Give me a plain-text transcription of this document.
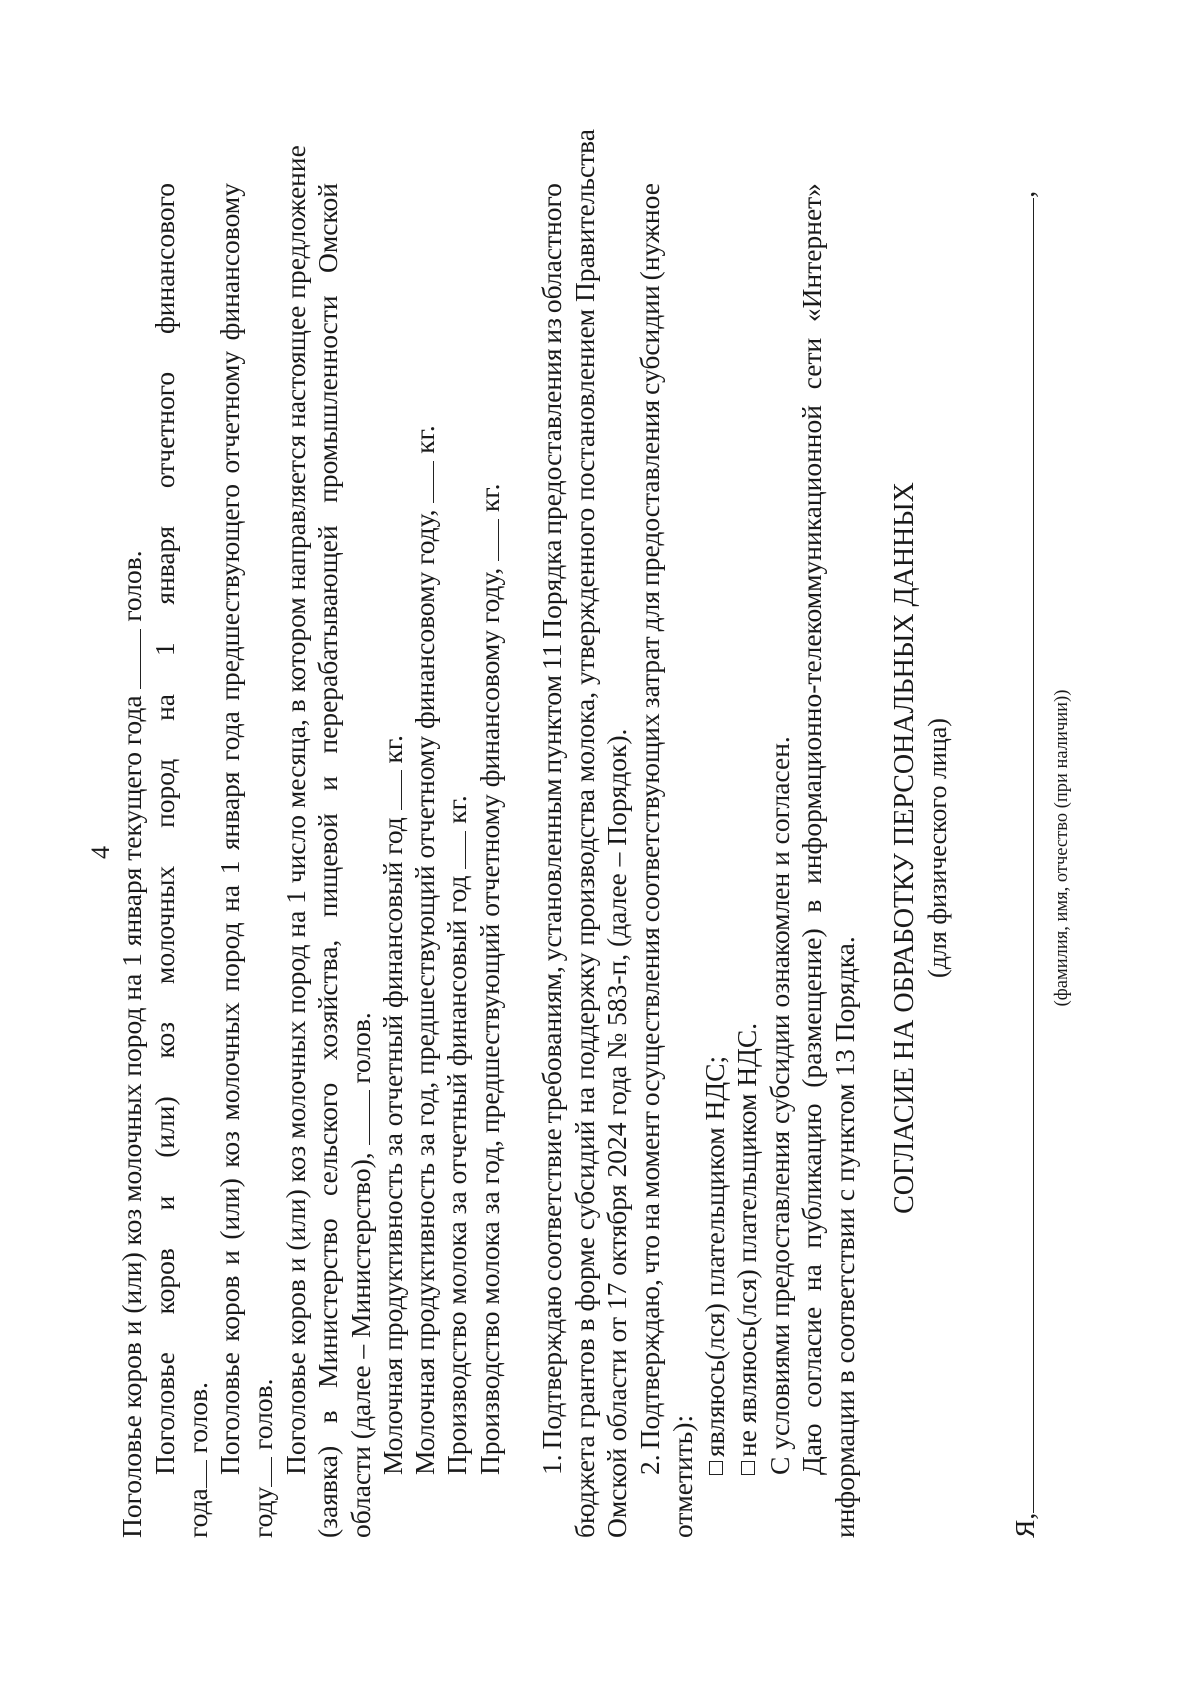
4 Поголовье коров и (или) коз молочных пород на 1 января текущего года  голов.
Поголовье
коров
и
(или)
коз
молочных
пород
на
1
января
отчетного
финансового
года голов. Поголовье
коров
и
(или)
коз
молочных
пород
на
1
января
года
предшествующего
отчетному
финансовому
году голов. Поголовье коров и (или) коз молочных пород на 1 число месяца, в котором направляется настоящее предложение
(заявка)
в
Министерство
сельского
хозяйства,
пищевой
и
перерабатывающей
промышленности
Омской
области (далее – Министерство),  голов. Молочная продуктивность за отчетный финансовый год  кг. Молочная продуктивность за год, предшествующий отчетному финансовому году,  кг.
Производство молока за отчетный финансовый год  кг. Производство молока за год, предшествующий отчетному финансовому году,  кг.
1.
Подтверждаю
соответствие
требованиям,
установленным
пунктом
11
Порядка
предоставления
из
областного бюджета грантов в форме субсидий на поддержку производства молока, утвержденного постановлением Правительства Омской области от 17 октября 2024 года № 583-п, (далее – Порядок). 2.
Подтверждаю,
что
на
момент
осуществления
соответствующих
затрат
для
предоставления
субсидии
(нужное
отметить):
являюсь(лся) плательщиком НДС; не являюсь(лся) плательщиком НДС. С условиями предоставления субсидии ознакомлен и согласен. Даю
согласие
на
публикацию
(размещение)
в
информационно-телекоммуникационной
сети
«Интернет»
информации в соответствии с пунктом 13 Порядка.
СОГЛАСИЕ НА ОБРАБОТКУ ПЕРСОНАЛЬНЫХ ДАННЫХ (для физического лица)
Я,,
(фамилия, имя, отчество (при наличии))
